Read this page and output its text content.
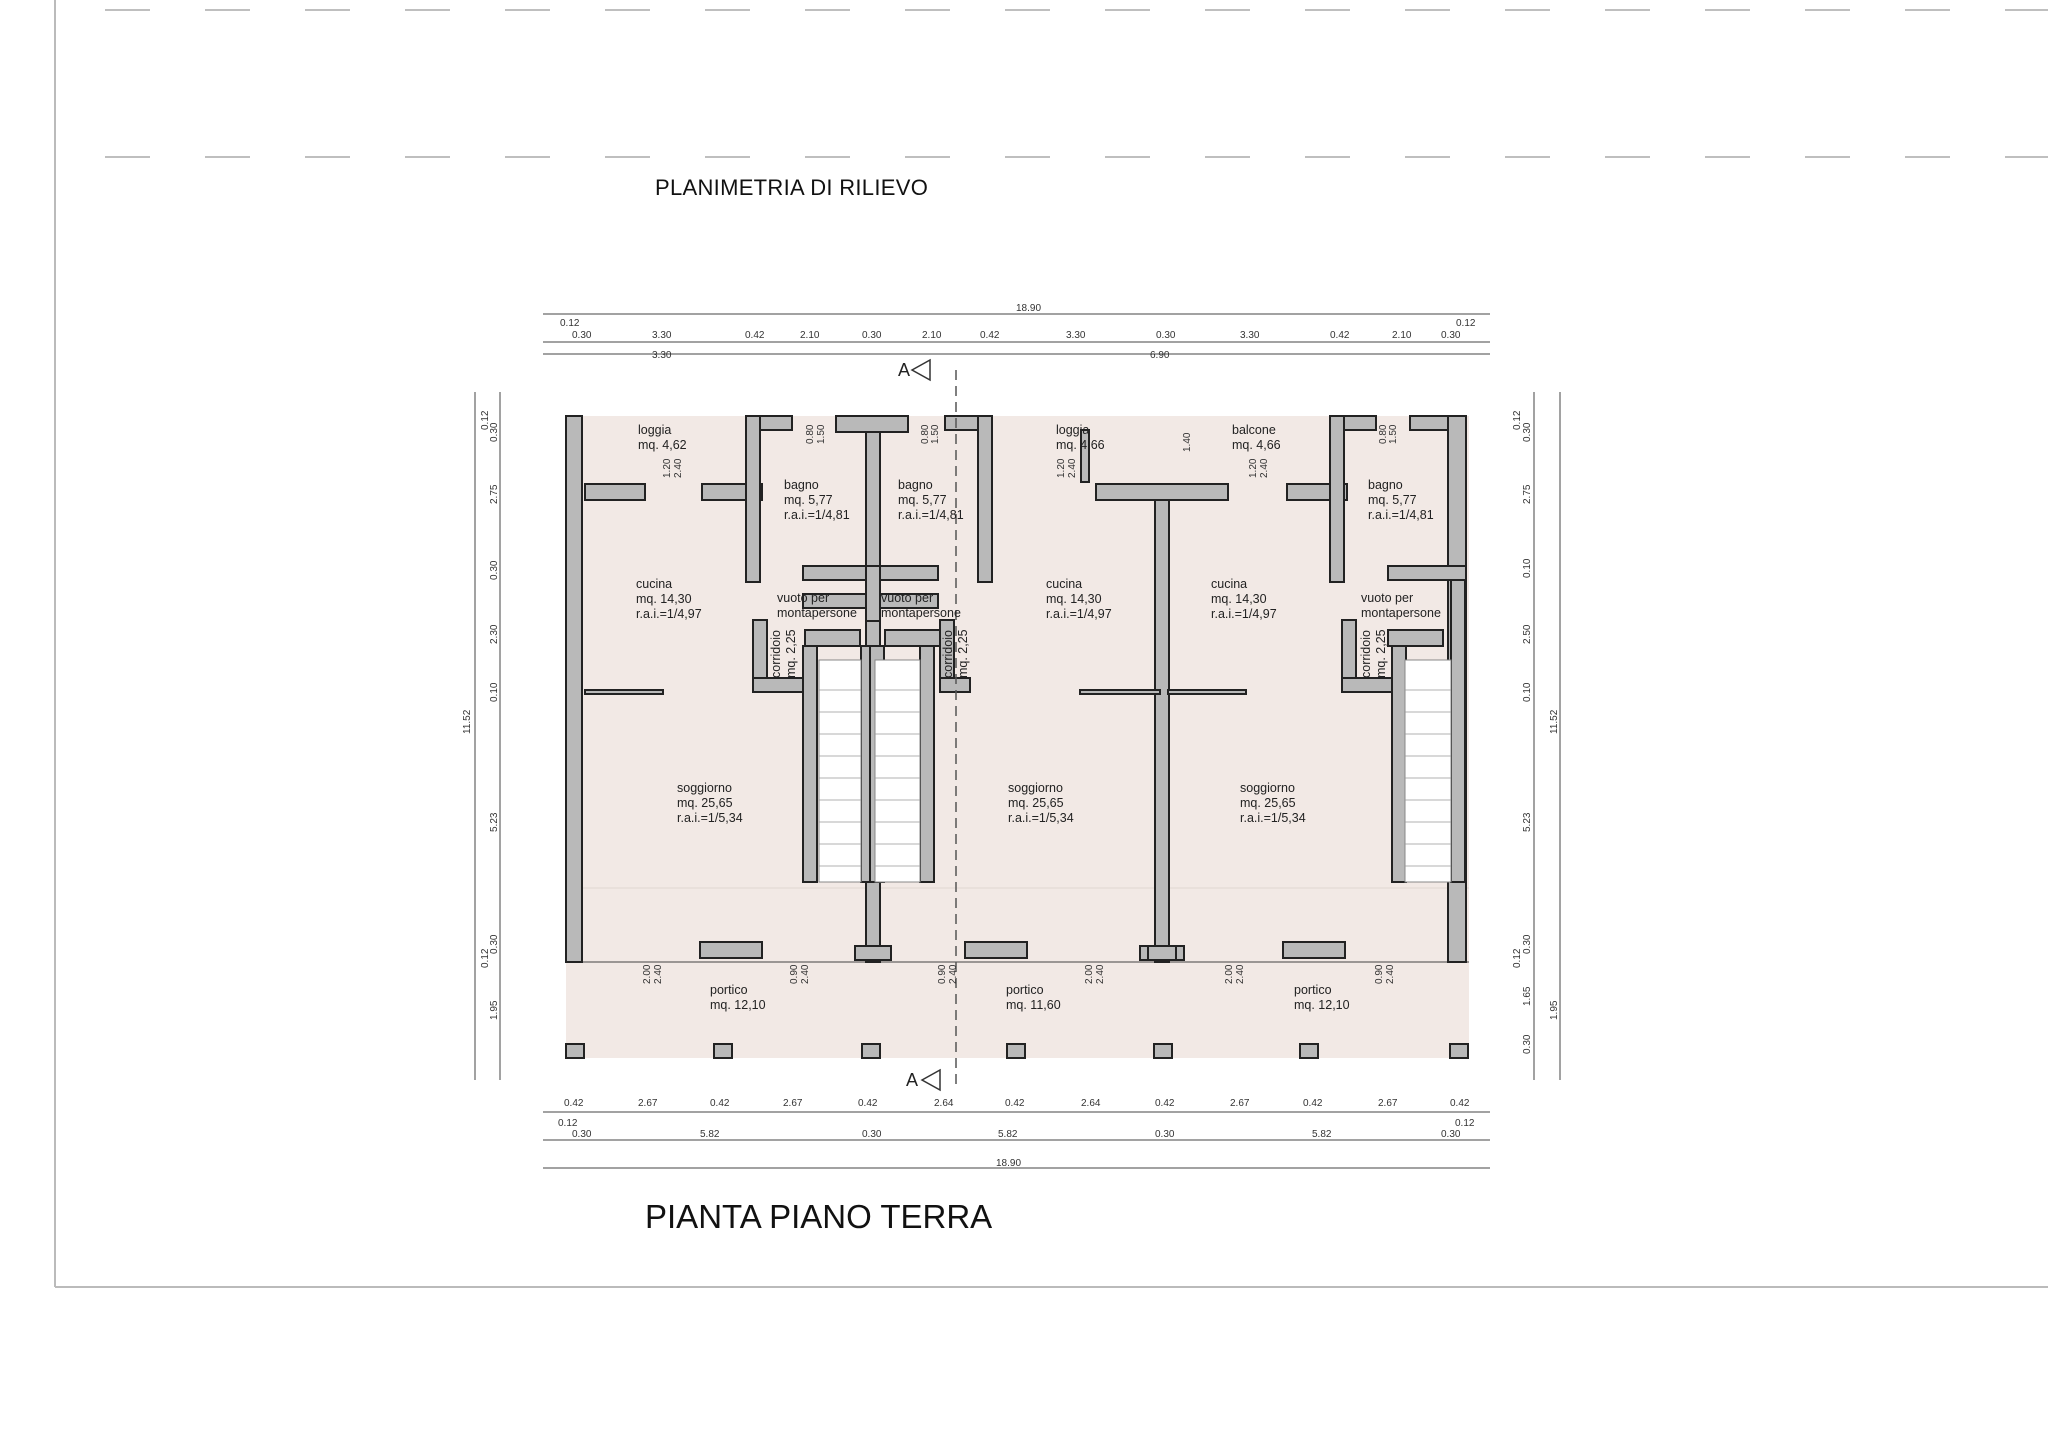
PLANIMETRIA DI RILIEVO
A
A
18.90
0.12
0.30	3.30	0.42	2.10	0.30	2.10	0.42	3.30	0.30	3.30	0.42	2.10	0.30
0.12
3.30	6.90
0.42	2.67	0.42	2.67	0.42	2.64	0.42	2.64	0.42	2.67	0.42	2.67	0.42
0.12
0.30	5.82	0.30	5.82	0.30	5.82	0.30
0.12
18.90
0.12
0.30
2.75
0.30
2.30
0.10
5.23
0.30
0.12
1.95
11.52
0.12
0.30
2.75
0.10
2.50
0.10
5.23
0.30
0.12
1.65
0.30
1.95
11.52
0.80 1.50	0.80 1.50	0.80 1.50
1.20 2.40	1.20 2.40	1.20 2.40
1.40
2.00 2.40	0.90 2.40	0.90 2.40	2.00 2.40	2.00 2.40	0.90 2.40
loggia mq. 4,62
bagno mq. 5,77 r.a.i.=1/4,81
bagno mq. 5,77 r.a.i.=1/4,81
loggia mq. 4,66
balcone mq. 4,66
bagno mq. 5,77 r.a.i.=1/4,81
cucina mq. 14,30 r.a.i.=1/4,97
vuoto per montapersone
vuoto per montapersone
cucina mq. 14,30 r.a.i.=1/4,97
cucina mq. 14,30 r.a.i.=1/4,97
vuoto per montapersone
corridoiomq. 2,25	corridoiomq. 2,25	corridoiomq. 2,25
soggiorno mq. 25,65 r.a.i.=1/5,34
soggiorno mq. 25,65 r.a.i.=1/5,34
soggiorno mq. 25,65 r.a.i.=1/5,34
portico mq. 12,10
portico mq. 11,60
portico mq. 12,10
PIANTA PIANO TERRA
